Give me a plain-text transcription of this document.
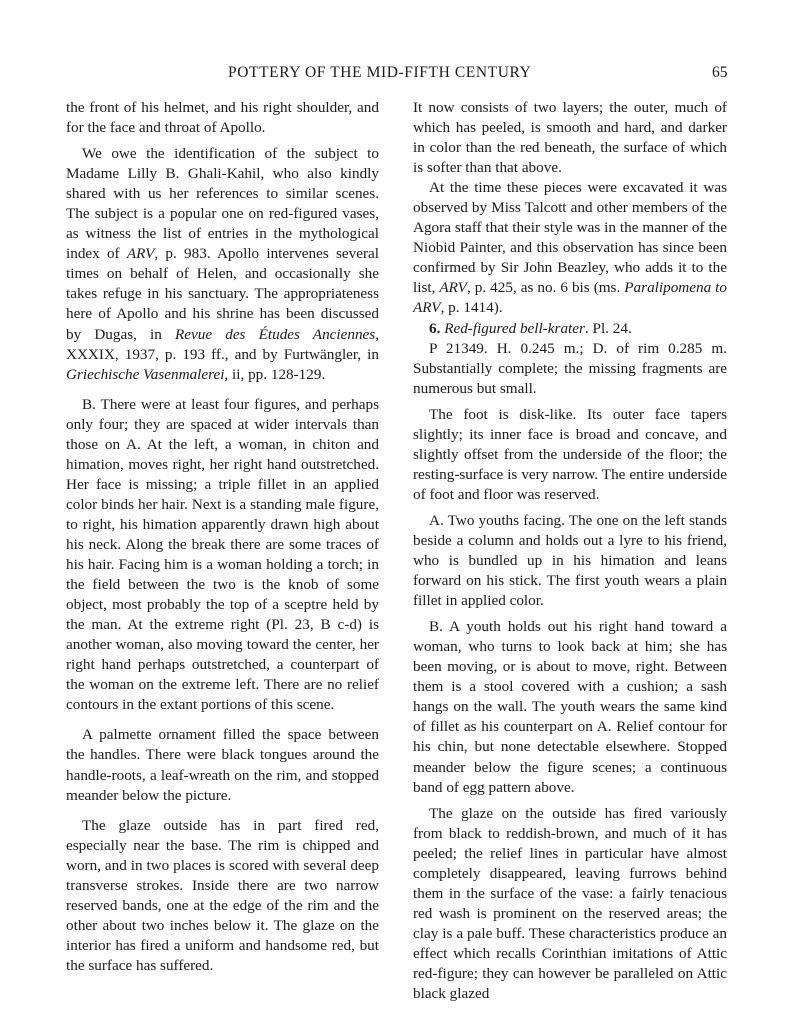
POTTERY OF THE MID-FIFTH CENTURY	65

the front of his helmet, and his right shoulder, and for the face and throat of Apollo.

We owe the identification of the subject to Madame Lilly B. Ghali-Kahil, who also kindly shared with us her references to similar scenes. The subject is a popular one on red-figured vases, as witness the list of entries in the mythological index of ARV, p. 983. Apollo intervenes several times on behalf of Helen, and occasionally she takes refuge in his sanctuary. The appropriateness here of Apollo and his shrine has been discussed by Dugas, in Revue des Études Anciennes, XXXIX, 1937, p. 193 ff., and by Furtwängler, in Griechische Vasenmalerei, ii, pp. 128-129.

B. There were at least four figures, and perhaps only four; they are spaced at wider intervals than those on A. At the left, a woman, in chiton and himation, moves right, her right hand outstretched. Her face is missing; a triple fillet in an applied color binds her hair. Next is a standing male figure, to right, his himation apparently drawn high about his neck. Along the break there are some traces of his hair. Facing him is a woman holding a torch; in the field between the two is the knob of some object, most probably the top of a sceptre held by the man. At the extreme right (Pl. 23, B c-d) is another woman, also moving toward the center, her right hand perhaps outstretched, a counterpart of the woman on the extreme left. There are no relief contours in the extant portions of this scene.

A palmette ornament filled the space between the handles. There were black tongues around the handle-roots, a leaf-wreath on the rim, and stopped meander below the picture.

The glaze outside has in part fired red, especially near the base. The rim is chipped and worn, and in two places is scored with several deep transverse strokes. Inside there are two narrow reserved bands, one at the edge of the rim and the other about two inches below it. The glaze on the interior has fired a uniform and handsome red, but the surface has suffered.

It now consists of two layers; the outer, much of which has peeled, is smooth and hard, and darker in color than the red beneath, the surface of which is softer than that above.

At the time these pieces were excavated it was observed by Miss Talcott and other members of the Agora staff that their style was in the manner of the Niobid Painter, and this observation has since been confirmed by Sir John Beazley, who adds it to the list, ARV, p. 425, as no. 6 bis (ms. Paralipomena to ARV, p. 1414).

6. Red-figured bell-krater. Pl. 24.

P 21349. H. 0.245 m.; D. of rim 0.285 m. Substantially complete; the missing fragments are numerous but small.

The foot is disk-like. Its outer face tapers slightly; its inner face is broad and concave, and slightly offset from the underside of the floor; the resting-surface is very narrow. The entire underside of foot and floor was reserved.

A. Two youths facing. The one on the left stands beside a column and holds out a lyre to his friend, who is bundled up in his himation and leans forward on his stick. The first youth wears a plain fillet in applied color.

B. A youth holds out his right hand toward a woman, who turns to look back at him; she has been moving, or is about to move, right. Between them is a stool covered with a cushion; a sash hangs on the wall. The youth wears the same kind of fillet as his counterpart on A. Relief contour for his chin, but none detectable elsewhere. Stopped meander below the figure scenes; a continuous band of egg pattern above.

The glaze on the outside has fired variously from black to reddish-brown, and much of it has peeled; the relief lines in particular have almost completely disappeared, leaving furrows behind them in the surface of the vase: a fairly tenacious red wash is prominent on the reserved areas; the clay is a pale buff. These characteristics produce an effect which recalls Corinthian imitations of Attic red-figure; they can however be paralleled on Attic black glazed
